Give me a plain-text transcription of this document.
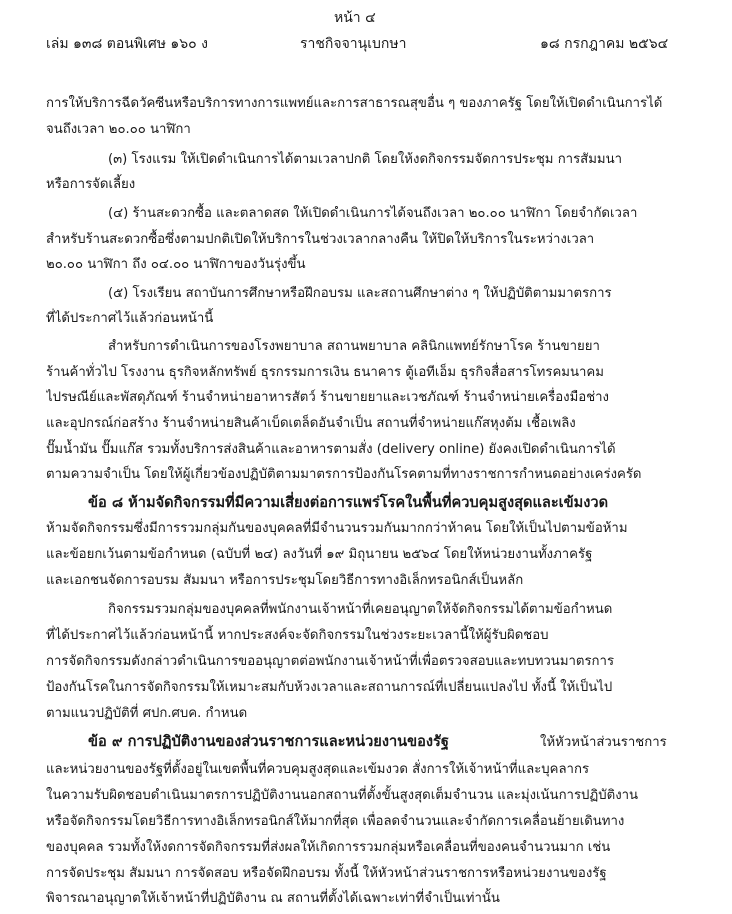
หน้า ๔
เล่ม ๑๓๘ ตอนพิเศษ ๑๖๐ ง	ราชกิจจานุเบกษา	๑๘ กรกฎาคม ๒๕๖๔
การให้บริการฉีดวัคซีนหรือบริการทางการแพทย์และการสาธารณสุขอื่น ๆ ของภาครัฐ โดยให้เปิดดำเนินการได้
จนถึงเวลา ๒๐.๐๐ นาฬิกา
(๓) โรงแรม ให้เปิดดำเนินการได้ตามเวลาปกติ โดยให้งดกิจกรรมจัดการประชุม การสัมมนา
หรือการจัดเลี้ยง
(๔) ร้านสะดวกซื้อ และตลาดสด ให้เปิดดำเนินการได้จนถึงเวลา ๒๐.๐๐ นาฬิกา โดยจำกัดเวลา
สำหรับร้านสะดวกซื้อซึ่งตามปกติเปิดให้บริการในช่วงเวลากลางคืน ให้ปิดให้บริการในระหว่างเวลา
๒๐.๐๐ นาฬิกา ถึง ๐๔.๐๐ นาฬิกาของวันรุ่งขึ้น
(๕) โรงเรียน สถาบันการศึกษาหรือฝึกอบรม และสถานศึกษาต่าง ๆ ให้ปฏิบัติตามมาตรการ
ที่ได้ประกาศไว้แล้วก่อนหน้านี้
สำหรับการดำเนินการของโรงพยาบาล สถานพยาบาล คลินิกแพทย์รักษาโรค ร้านขายยา
ร้านค้าทั่วไป โรงงาน ธุรกิจหลักทรัพย์ ธุรกรรมการเงิน ธนาคาร ตู้เอทีเอ็ม ธุรกิจสื่อสารโทรคมนาคม
ไปรษณีย์และพัสดุภัณฑ์ ร้านจำหน่ายอาหารสัตว์ ร้านขายยาและเวชภัณฑ์ ร้านจำหน่ายเครื่องมือช่าง
และอุปกรณ์ก่อสร้าง ร้านจำหน่ายสินค้าเบ็ดเตล็ดอันจำเป็น สถานที่จำหน่ายแก๊สหุงต้ม เชื้อเพลิง
ปั๊มน้ำมัน ปั๊มแก๊ส รวมทั้งบริการส่งสินค้าและอาหารตามสั่ง (delivery online) ยังคงเปิดดำเนินการได้
ตามความจำเป็น โดยให้ผู้เกี่ยวข้องปฏิบัติตามมาตรการป้องกันโรคตามที่ทางราชการกำหนดอย่างเคร่งครัด
ข้อ ๘ ห้ามจัดกิจกรรมที่มีความเสี่ยงต่อการแพร่โรคในพื้นที่ควบคุมสูงสุดและเข้มงวด
ห้ามจัดกิจกรรมซึ่งมีการรวมกลุ่มกันของบุคคลที่มีจำนวนรวมกันมากกว่าห้าคน โดยให้เป็นไปตามข้อห้าม
และข้อยกเว้นตามข้อกำหนด (ฉบับที่ ๒๔) ลงวันที่ ๑๙ มิถุนายน ๒๕๖๔ โดยให้หน่วยงานทั้งภาครัฐ
และเอกชนจัดการอบรม สัมมนา หรือการประชุมโดยวิธีการทางอิเล็กทรอนิกส์เป็นหลัก
กิจกรรมรวมกลุ่มของบุคคลที่พนักงานเจ้าหน้าที่เคยอนุญาตให้จัดกิจกรรมได้ตามข้อกำหนด
ที่ได้ประกาศไว้แล้วก่อนหน้านี้ หากประสงค์จะจัดกิจกรรมในช่วงระยะเวลานี้ให้ผู้รับผิดชอบ
การจัดกิจกรรมดังกล่าวดำเนินการขออนุญาตต่อพนักงานเจ้าหน้าที่เพื่อตรวจสอบและทบทวนมาตรการ
ป้องกันโรคในการจัดกิจกรรมให้เหมาะสมกับห้วงเวลาและสถานการณ์ที่เปลี่ยนแปลงไป ทั้งนี้ ให้เป็นไป
ตามแนวปฏิบัติที่ ศปก.ศบค. กำหนด
ข้อ ๙ การปฏิบัติงานของส่วนราชการและหน่วยงานของรัฐ	ให้หัวหน้าส่วนราชการ
และหน่วยงานของรัฐที่ตั้งอยู่ในเขตพื้นที่ควบคุมสูงสุดและเข้มงวด สั่งการให้เจ้าหน้าที่และบุคลากร
ในความรับผิดชอบดำเนินมาตรการปฏิบัติงานนอกสถานที่ตั้งขั้นสูงสุดเต็มจำนวน และมุ่งเน้นการปฏิบัติงาน
หรือจัดกิจกรรมโดยวิธีการทางอิเล็กทรอนิกส์ให้มากที่สุด เพื่อลดจำนวนและจำกัดการเคลื่อนย้ายเดินทาง
ของบุคคล รวมทั้งให้งดการจัดกิจกรรมที่ส่งผลให้เกิดการรวมกลุ่มหรือเคลื่อนที่ของคนจำนวนมาก เช่น
การจัดประชุม สัมมนา การจัดสอบ หรือจัดฝึกอบรม ทั้งนี้ ให้หัวหน้าส่วนราชการหรือหน่วยงานของรัฐ
พิจารณาอนุญาตให้เจ้าหน้าที่ปฏิบัติงาน ณ สถานที่ตั้งได้เฉพาะเท่าที่จำเป็นเท่านั้น
